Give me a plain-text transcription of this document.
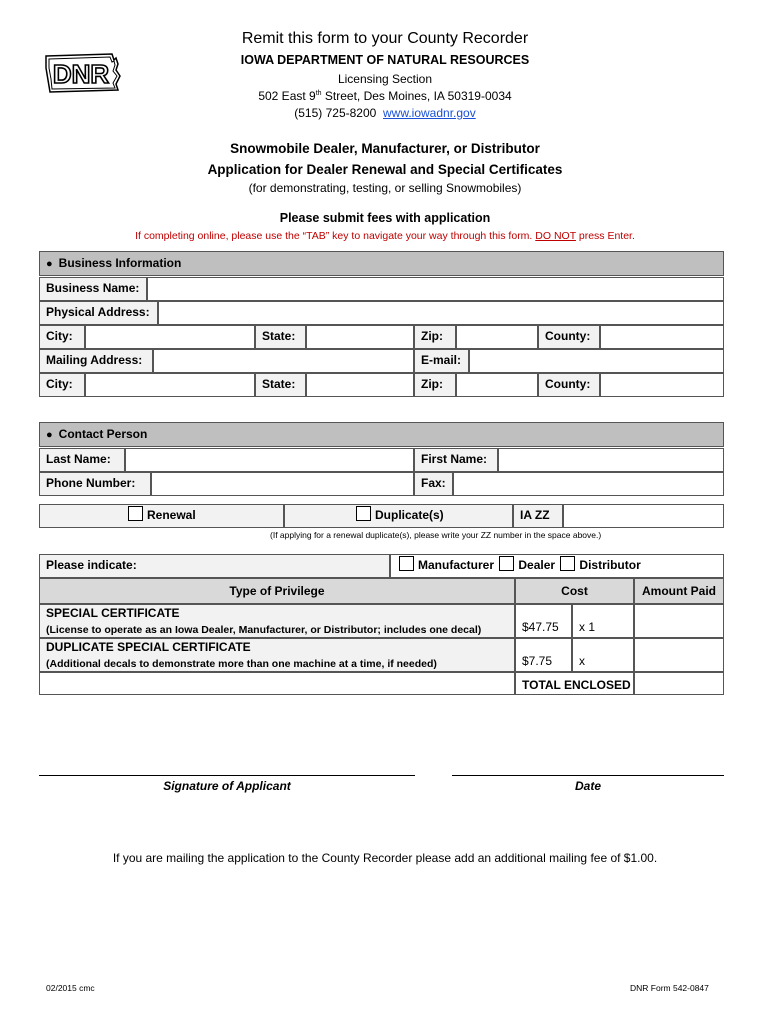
DNR
Remit this form to your County Recorder
IOWA DEPARTMENT OF NATURAL RESOURCES
Licensing Section
502 East 9th Street, Des Moines, IA 50319-0034
(515) 725-8200 www.iowadnr.gov
Snowmobile Dealer, Manufacturer, or Distributor
Application for Dealer Renewal and Special Certificates
(for demonstrating, testing, or selling Snowmobiles)
Please submit fees with application
If completing online, please use the “TAB” key to navigate your way through this form. DO NOT press Enter.
● Business Information
Business Name:
Physical Address:
City:	State:	Zip:	County:
Mailing Address:	E-mail:
City:	State:	Zip:	County:
● Contact Person
Last Name:	First Name:
Phone Number:	Fax:
Renewal	Duplicate(s)	IA ZZ
(If applying for a renewal duplicate(s), please write your ZZ number in the space above.)
Please indicate:	Manufacturer Dealer Distributor
Type of Privilege	Cost	Amount Paid
SPECIAL CERTIFICATE
(License to operate as an Iowa Dealer, Manufacturer, or Distributor; includes one decal)	$47.75	x 1
DUPLICATE SPECIAL CERTIFICATE
(Additional decals to demonstrate more than one machine at a time, if needed)	$7.75	x
TOTAL ENCLOSED
Signature of Applicant	Date
If you are mailing the application to the County Recorder please add an additional mailing fee of $1.00.
02/2015 cmc	DNR Form 542-0847
